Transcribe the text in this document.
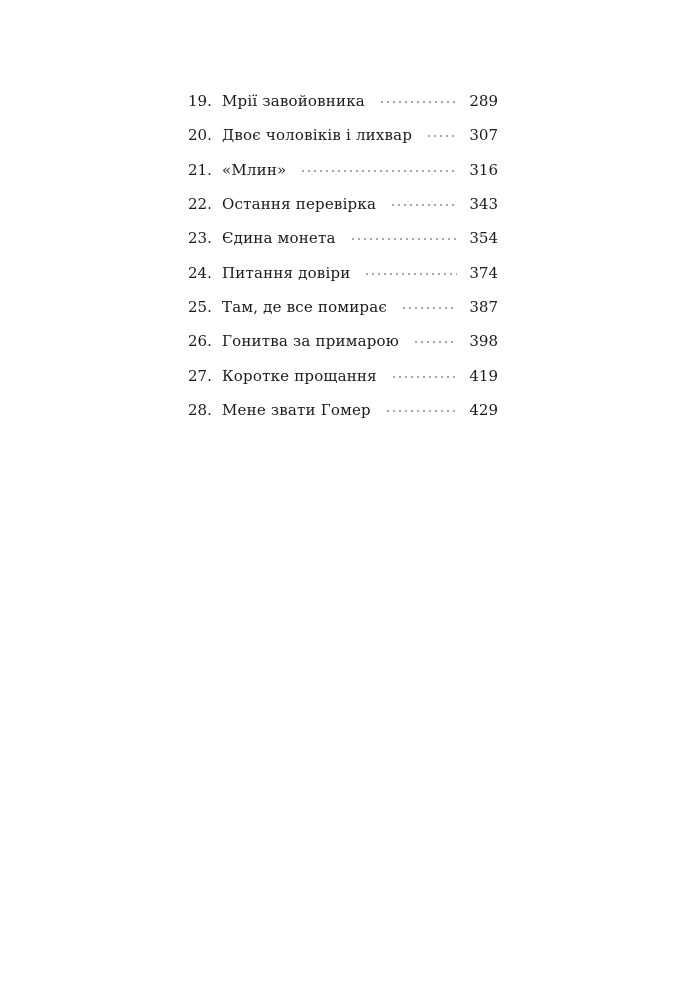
19. Мрії завойовника	289
20. Двоє чоловіків і лихвар	307
21. «Млин»	316
22. Остання перевірка	343
23. Єдина монета	354
24. Питання довіри	374
25. Там, де все помирає	387
26. Гонитва за примарою	398
27. Коротке прощання	419
28. Мене звати Гомер	429
